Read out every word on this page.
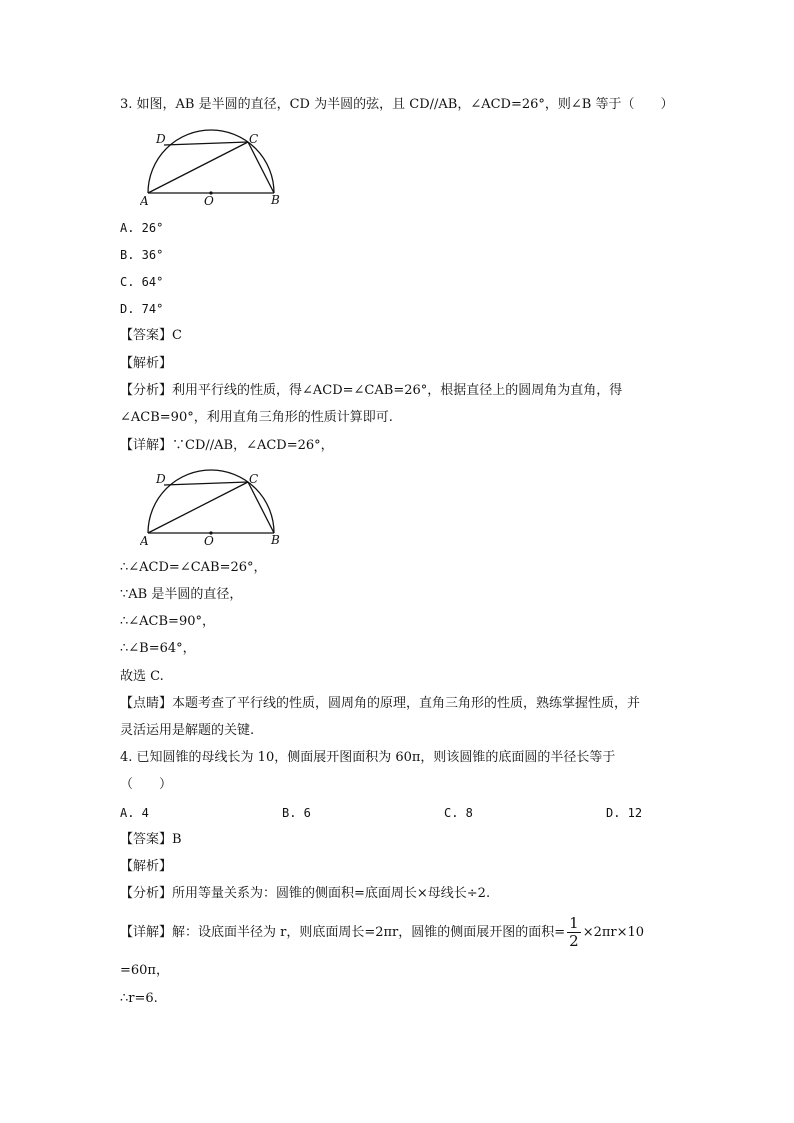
3. 如图，AB 是半圆的直径，CD 为半圆的弦，且 CD//AB，∠ACD=26°，则∠B 等于（　　）
D	C
A	O	B
A. 26°
B. 36°
C. 64°
D. 74°
【答案】C
【解析】
【分析】利用平行线的性质，得∠ACD=∠CAB=26°，根据直径上的圆周角为直角，得
∠ACB=90°，利用直角三角形的性质计算即可.
【详解】∵CD//AB，∠ACD=26°，
D	C
A	O	B
∴∠ACD=∠CAB=26°，
∵AB 是半圆的直径，
∴∠ACB=90°，
∴∠B=64°，
故选 C.
【点睛】本题考查了平行线的性质，圆周角的原理，直角三角形的性质，熟练掌握性质，并
灵活运用是解题的关键.
4. 已知圆锥的母线长为 10，侧面展开图面积为 60π，则该圆锥的底面圆的半径长等于
（　　）
A. 4	B. 6	C. 8	D. 12
【答案】B
【解析】
【分析】所用等量关系为：圆锥的侧面积=底面周长×母线长÷2.
【详解】解：设底面半径为 r，则底面周长=2πr，圆锥的侧面展开图的面积= $\frac{1}{2} \times 2\pi r\times 10$
=60π，
∴r=6.
